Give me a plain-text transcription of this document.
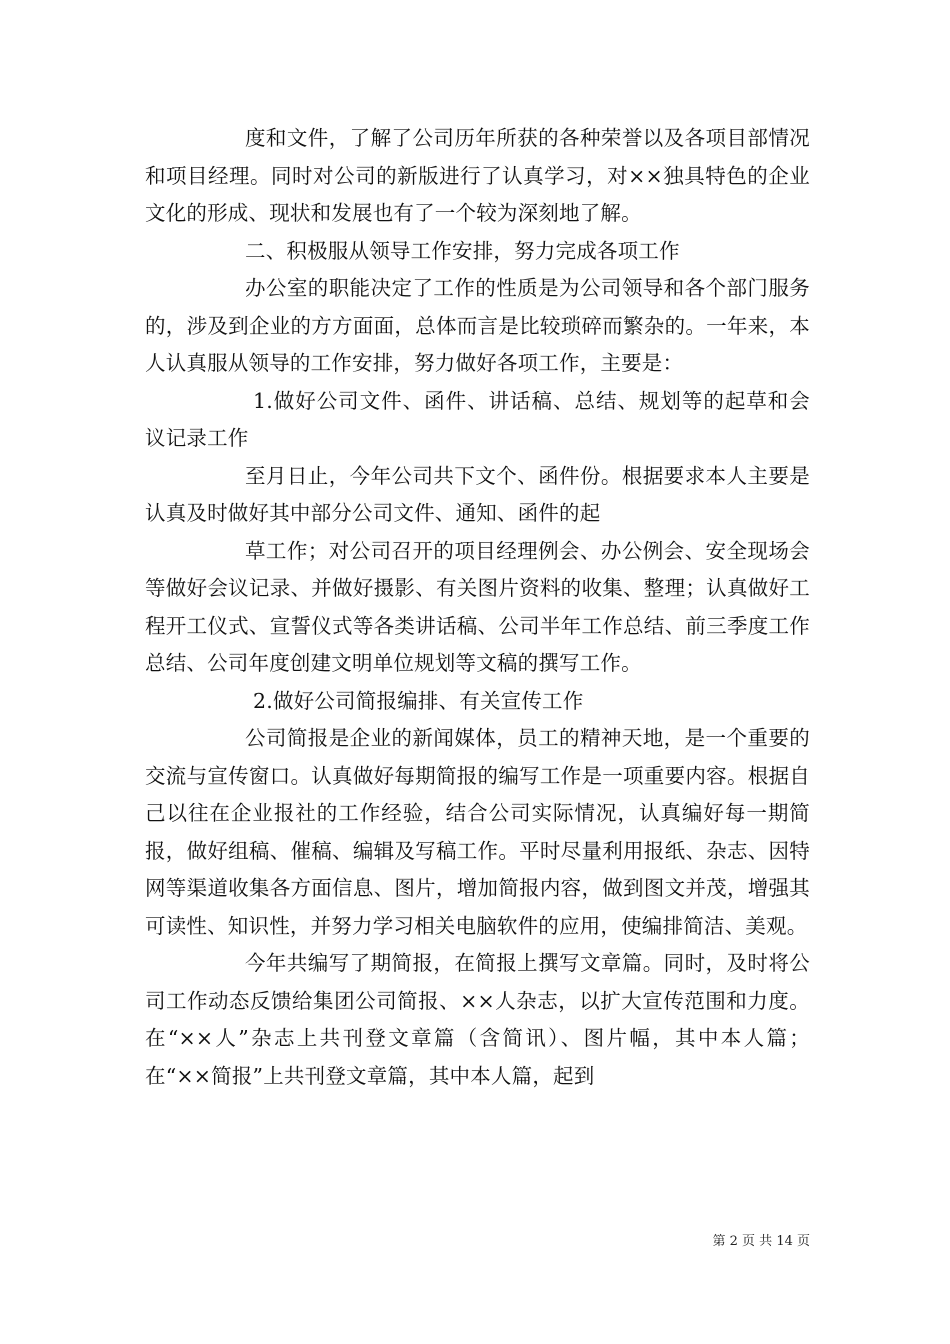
度和文件，了解了公司历年所获的各种荣誉以及各项目部情况和项目经理。同时对公司的新版进行了认真学习，对××独具特色的企业文化的形成、现状和发展也有了一个较为深刻地了解。

二、积极服从领导工作安排，努力完成各项工作

办公室的职能决定了工作的性质是为公司领导和各个部门服务的，涉及到企业的方方面面，总体而言是比较琐碎而繁杂的。一年来，本人认真服从领导的工作安排，努力做好各项工作，主要是：

1.做好公司文件、函件、讲话稿、总结、规划等的起草和会议记录工作

至月日止，今年公司共下文个、函件份。根据要求本人主要是认真及时做好其中部分公司文件、通知、函件的起

草工作；对公司召开的项目经理例会、办公例会、安全现场会等做好会议记录、并做好摄影、有关图片资料的收集、整理；认真做好工程开工仪式、宣誓仪式等各类讲话稿、公司半年工作总结、前三季度工作总结、公司年度创建文明单位规划等文稿的撰写工作。

2.做好公司简报编排、有关宣传工作

公司简报是企业的新闻媒体，员工的精神天地，是一个重要的交流与宣传窗口。认真做好每期简报的编写工作是一项重要内容。根据自己以往在企业报社的工作经验，结合公司实际情况，认真编好每一期简报，做好组稿、催稿、编辑及写稿工作。平时尽量利用报纸、杂志、因特网等渠道收集各方面信息、图片，增加简报内容，做到图文并茂，增强其可读性、知识性，并努力学习相关电脑软件的应用，使编排简洁、美观。

今年共编写了期简报，在简报上撰写文章篇。同时，及时将公司工作动态反馈给集团公司简报、××人杂志，以扩大宣传范围和力度。在“××人”杂志上共刊登文章篇（含简讯）、图片幅，其中本人篇；在“××简报”上共刊登文章篇，其中本人篇，起到

第 2 页 共 14 页
